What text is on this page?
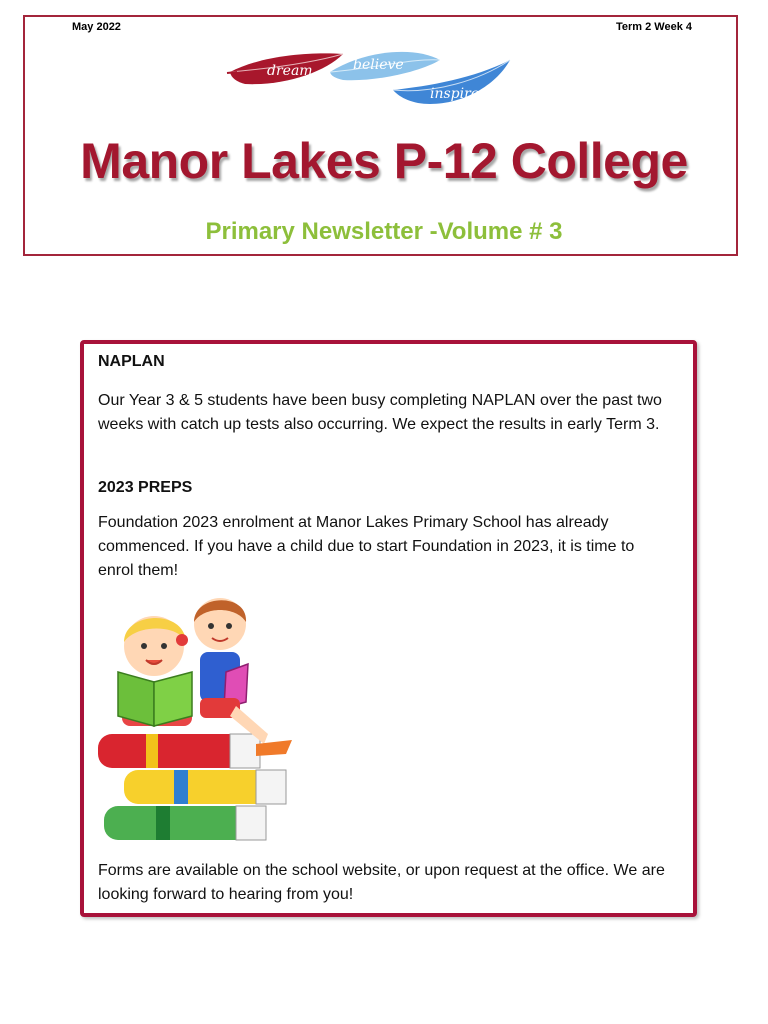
May 2022	Term 2 Week 4
dream	believe
inspire
Manor Lakes P-12 College
Primary Newsletter -Volume # 3
NAPLAN
Our Year 3 & 5 students have been busy completing NAPLAN over the past two weeks with catch up tests also occurring. We expect the results in early Term 3.
2023 PREPS
Foundation 2023 enrolment at Manor Lakes Primary School has already commenced. If you have a child due to start Foundation in 2023, it is time to enrol them!
Forms are available on the school website, or upon request at the office. We are looking forward to hearing from you!
